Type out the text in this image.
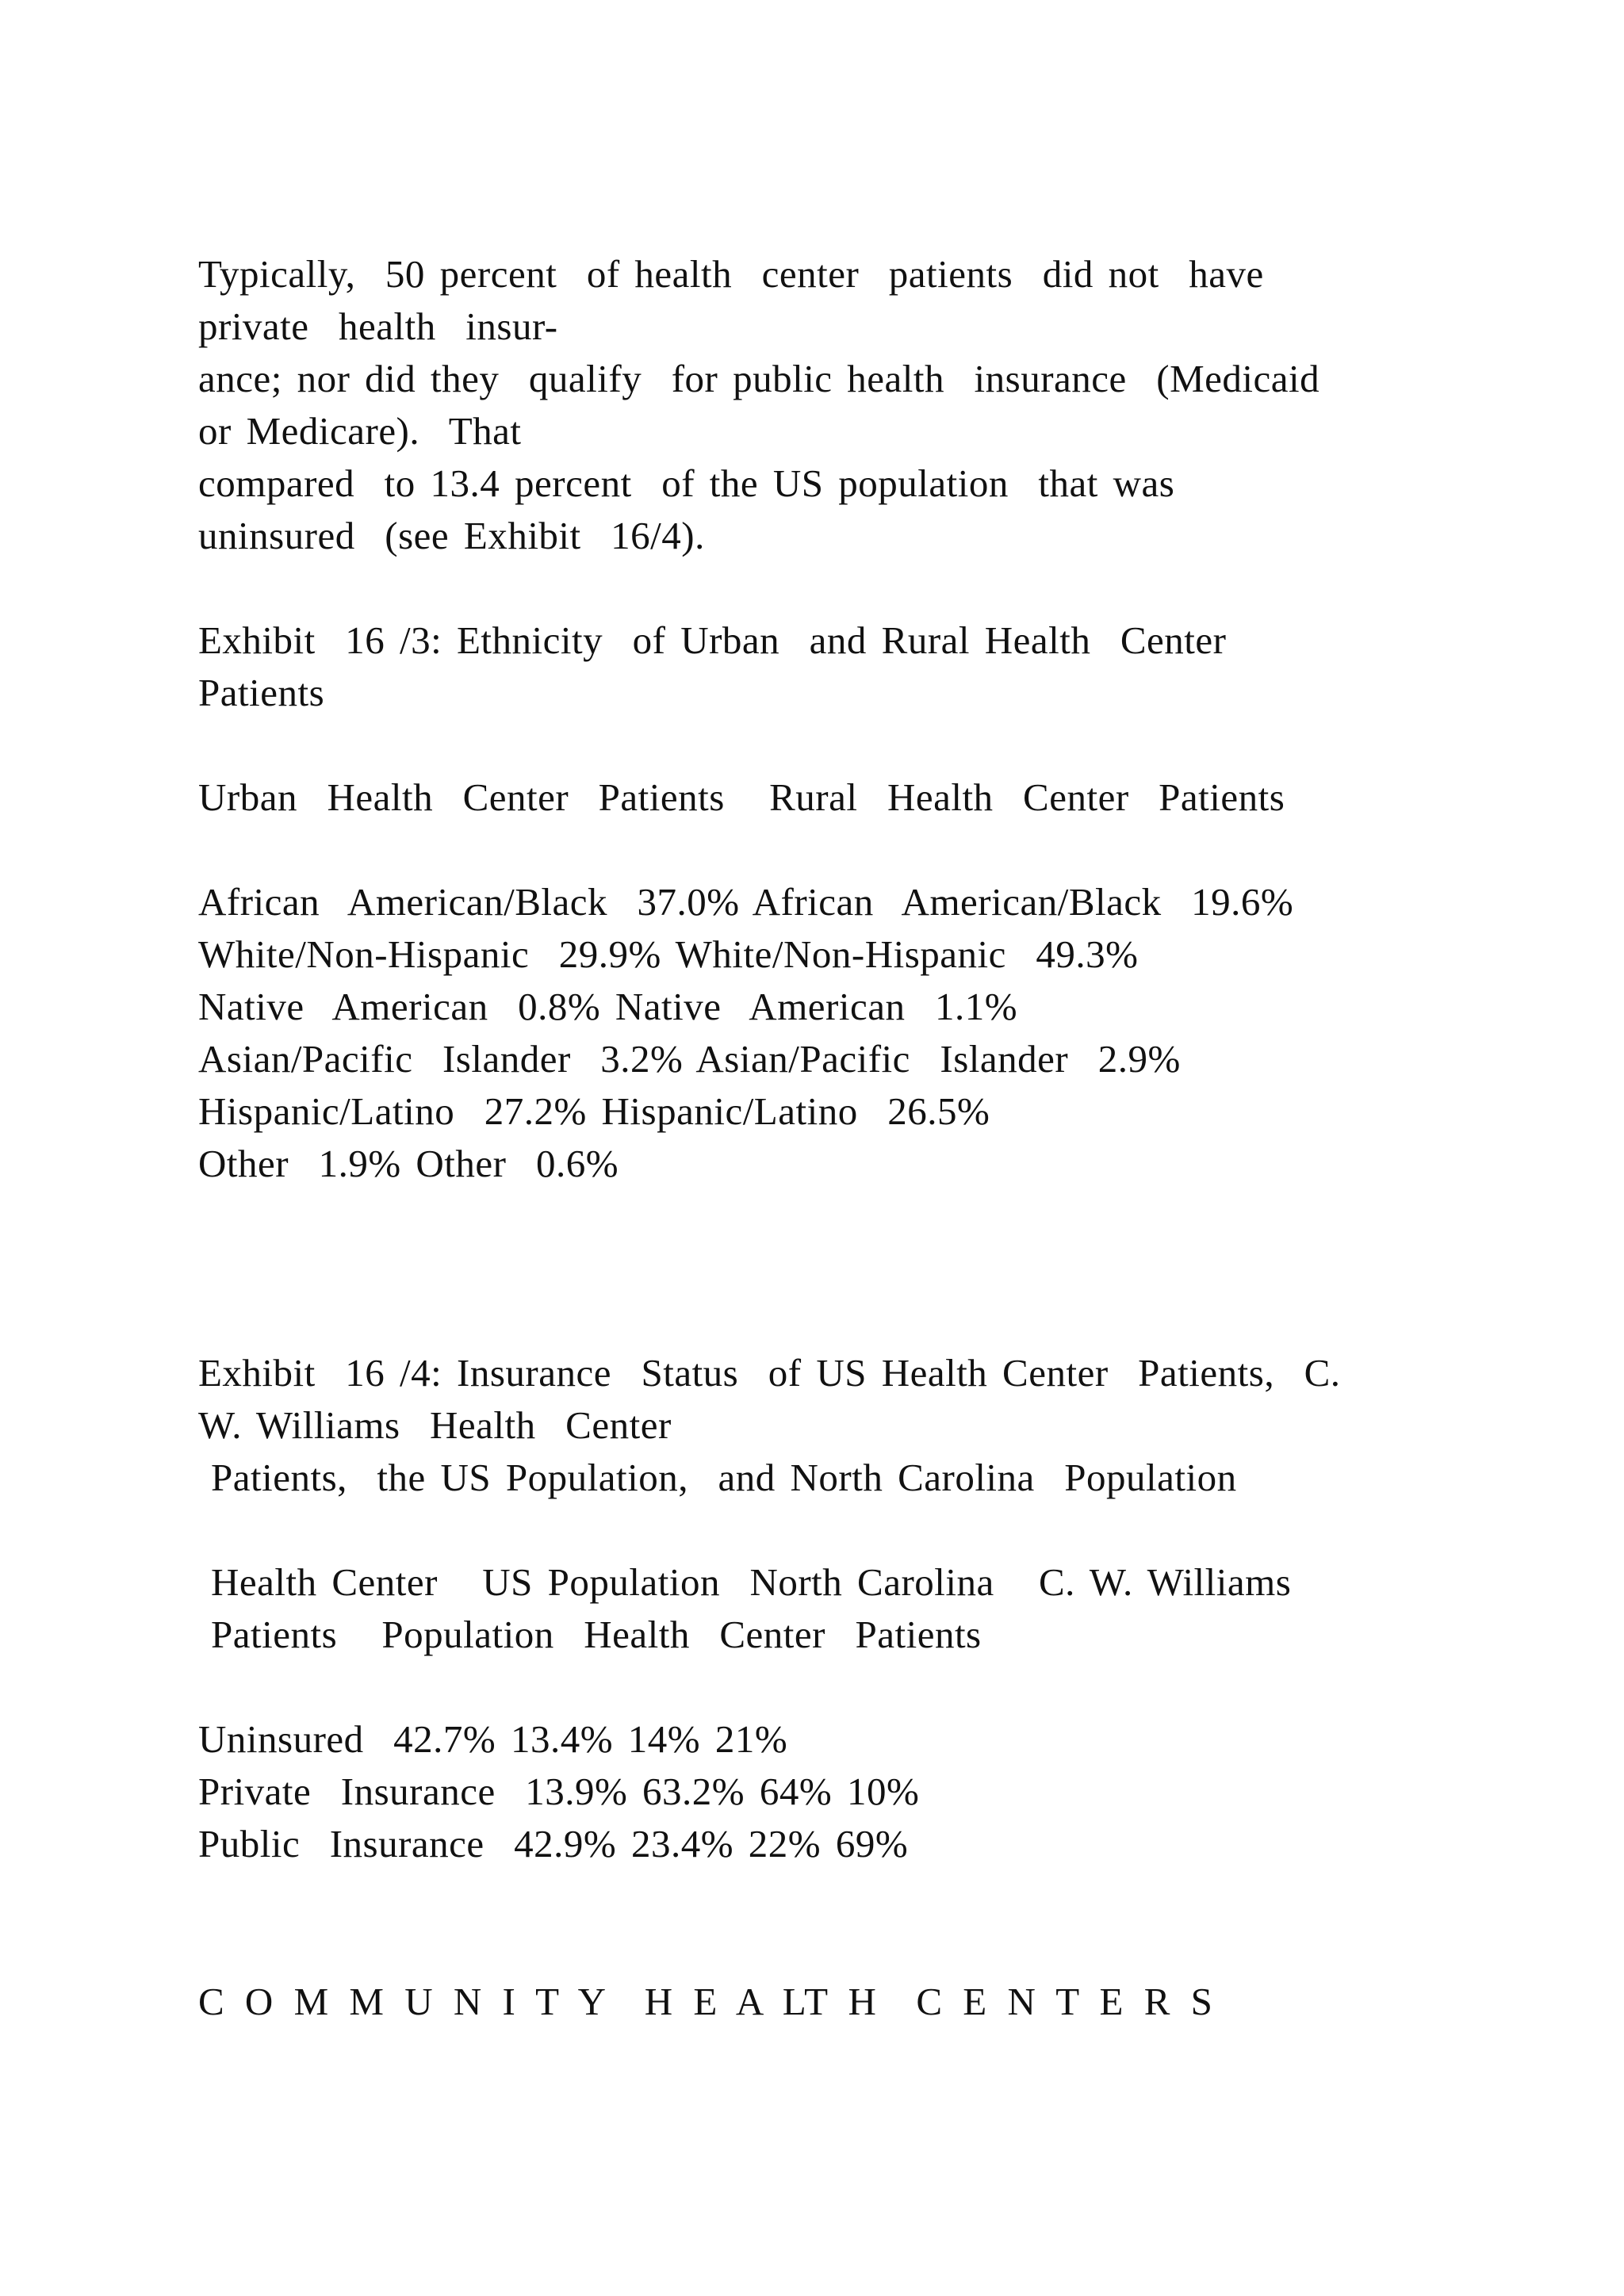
Typically,  50 percent  of health  center  patients  did not  have
private  health  insur-
ance; nor did they  qualify  for public health  insurance  (Medicaid
or Medicare).  That
compared  to 13.4 percent  of the US population  that was
uninsured  (see Exhibit  16/4).
Exhibit  16 /3: Ethnicity  of Urban  and Rural Health  Center
Patients
Urban  Health  Center  Patients   Rural  Health  Center  Patients
African  American/Black  37.0% African  American/Black  19.6%
White/Non-Hispanic  29.9% White/Non-Hispanic  49.3%
Native  American  0.8% Native  American  1.1%
Asian/Pacific  Islander  3.2% Asian/Pacific  Islander  2.9%
Hispanic/Latino  27.2% Hispanic/Latino  26.5%
Other  1.9% Other  0.6%
Exhibit  16 /4: Insurance  Status  of US Health Center  Patients,  C.
W. Williams  Health  Center
Patients,  the US Population,  and North Carolina  Population
Health Center   US Population  North Carolina   C. W. Williams
Patients   Population  Health  Center  Patients
Uninsured  42.7% 13.4% 14% 21%
Private  Insurance  13.9% 63.2% 64% 10%
Public  Insurance  42.9% 23.4% 22% 69%
C O M M U N I T Y  H E A LT H  C E N T E R S
